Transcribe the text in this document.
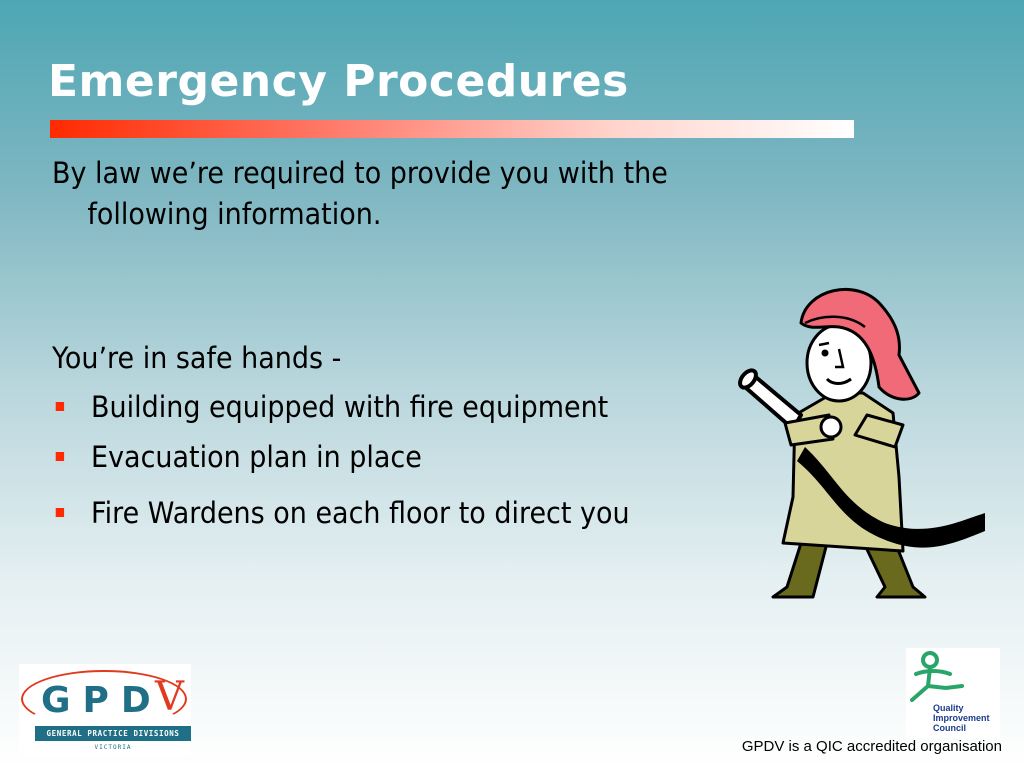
Emergency Procedures
By law we’re required to provide you with the
following information.
You’re in safe hands -
Building equipped with fire equipment
Evacuation plan in place
Fire Wardens on each floor to direct you
GPD
V
GENERAL PRACTICE DIVISIONS
VICTORIA
Quality
Improvement
Council
GPDV is a QIC accredited organisation
